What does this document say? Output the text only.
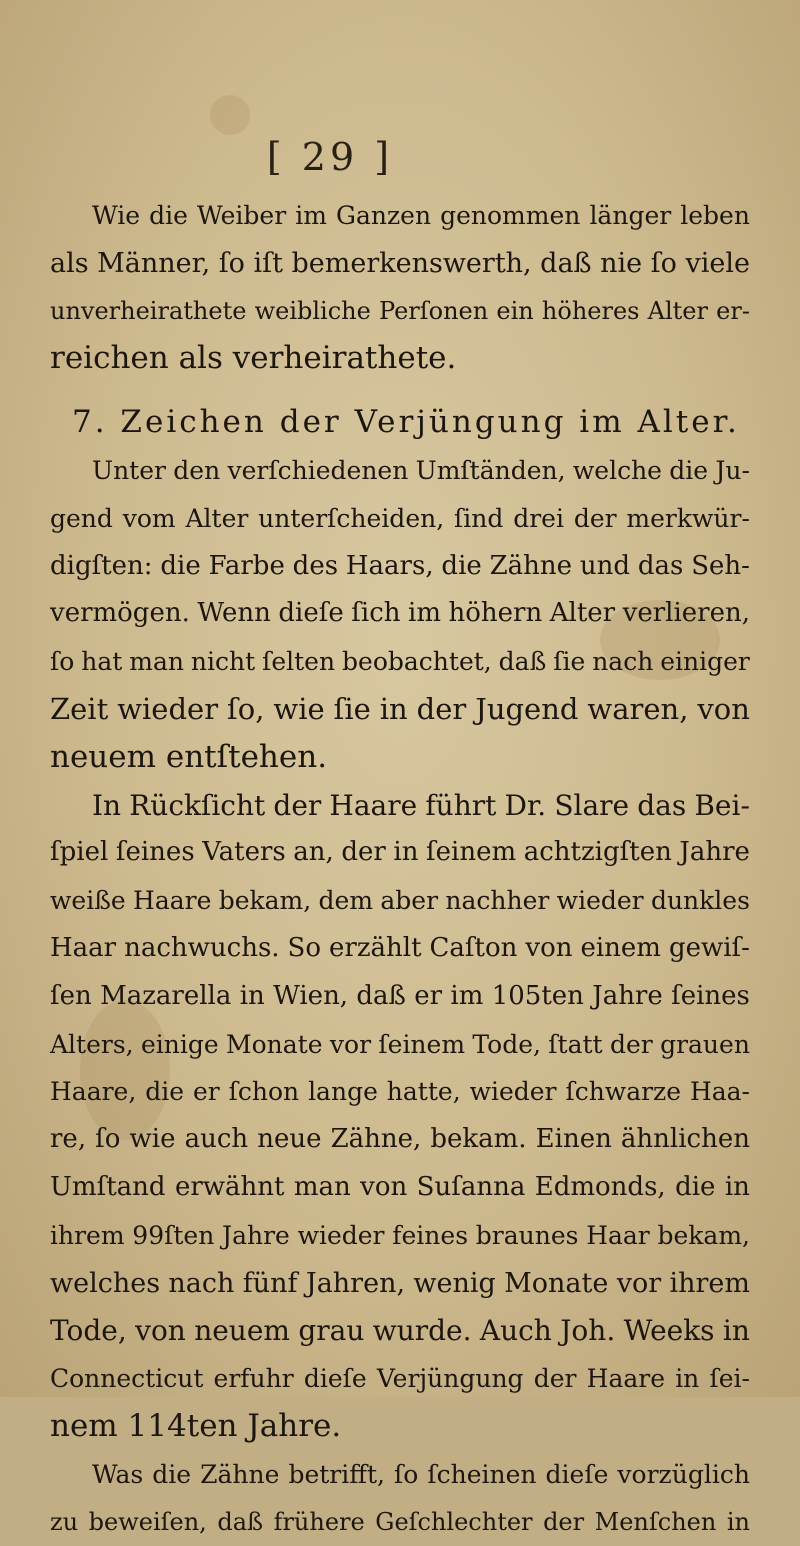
[ 29 ]
Wie die Weiber im Ganzen genommen länger leben
als Männer, ſo iſt bemerkenswerth, daß nie ſo viele
unverheirathete weibliche Perſonen ein höheres Alter er-
reichen als verheirathete.
7. Zeichen der Verjüngung im Alter.
Unter den verſchiedenen Umſtänden, welche die Ju-
gend vom Alter unterſcheiden, ſind drei der merkwür-
digſten: die Farbe des Haars, die Zähne und das Seh-
vermögen. Wenn dieſe ſich im höhern Alter verlieren,
ſo hat man nicht ſelten beobachtet, daß ſie nach einiger
Zeit wieder ſo, wie ſie in der Jugend waren, von
neuem entſtehen.
In Rückſicht der Haare führt Dr. Slare das Bei-
ſpiel ſeines Vaters an, der in ſeinem achtzigſten Jahre
weiße Haare bekam, dem aber nachher wieder dunkles
Haar nachwuchs. So erzählt Caſton von einem gewiſ-
ſen Mazarella in Wien, daß er im 105ten Jahre ſeines
Alters, einige Monate vor ſeinem Tode, ſtatt der grauen
Haare, die er ſchon lange hatte, wieder ſchwarze Haa-
re, ſo wie auch neue Zähne, bekam. Einen ähnlichen
Umſtand erwähnt man von Suſanna Edmonds, die in
ihrem 99ſten Jahre wieder feines braunes Haar bekam,
welches nach fünf Jahren, wenig Monate vor ihrem
Tode, von neuem grau wurde. Auch Joh. Weeks in
Connecticut erfuhr dieſe Verjüngung der Haare in ſei-
nem 114ten Jahre.
Was die Zähne betrifft, ſo ſcheinen dieſe vorzüglich
zu beweiſen, daß frühere Geſchlechter der Menſchen in
